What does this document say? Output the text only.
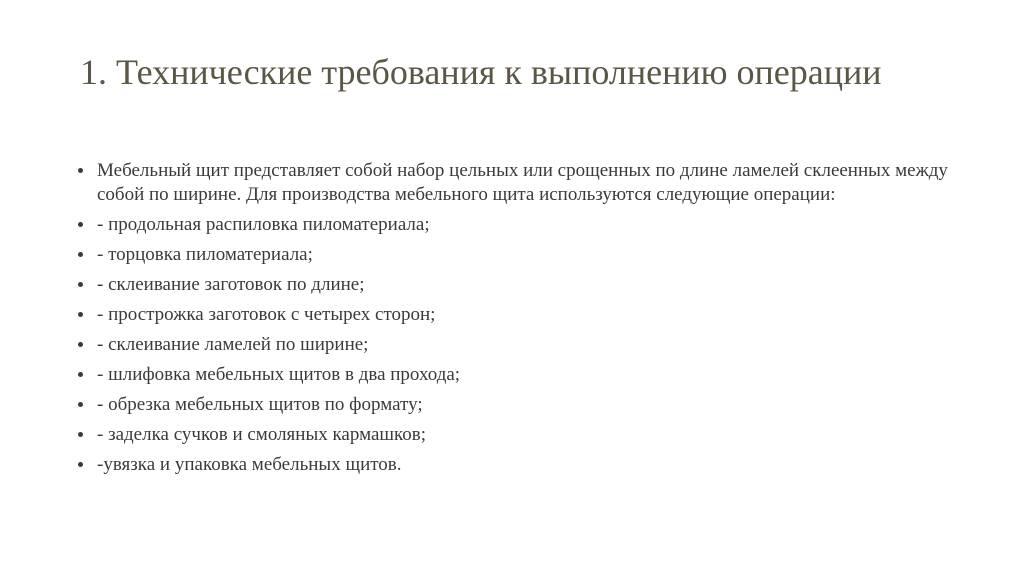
1. Технические требования к выполнению операции
Мебельный щит представляет собой набор цельных или срощенных по длине ламелей склеенных между собой по ширине. Для производства мебельного щита используются следующие операции:
- продольная распиловка пиломатериала;
- торцовка пиломатериала;
- склеивание заготовок по длине;
- прострожка заготовок с четырех сторон;
- склеивание ламелей по ширине;
- шлифовка мебельных щитов в два прохода;
- обрезка мебельных щитов по формату;
- заделка сучков и смоляных кармашков;
-увязка и упаковка мебельных щитов.
